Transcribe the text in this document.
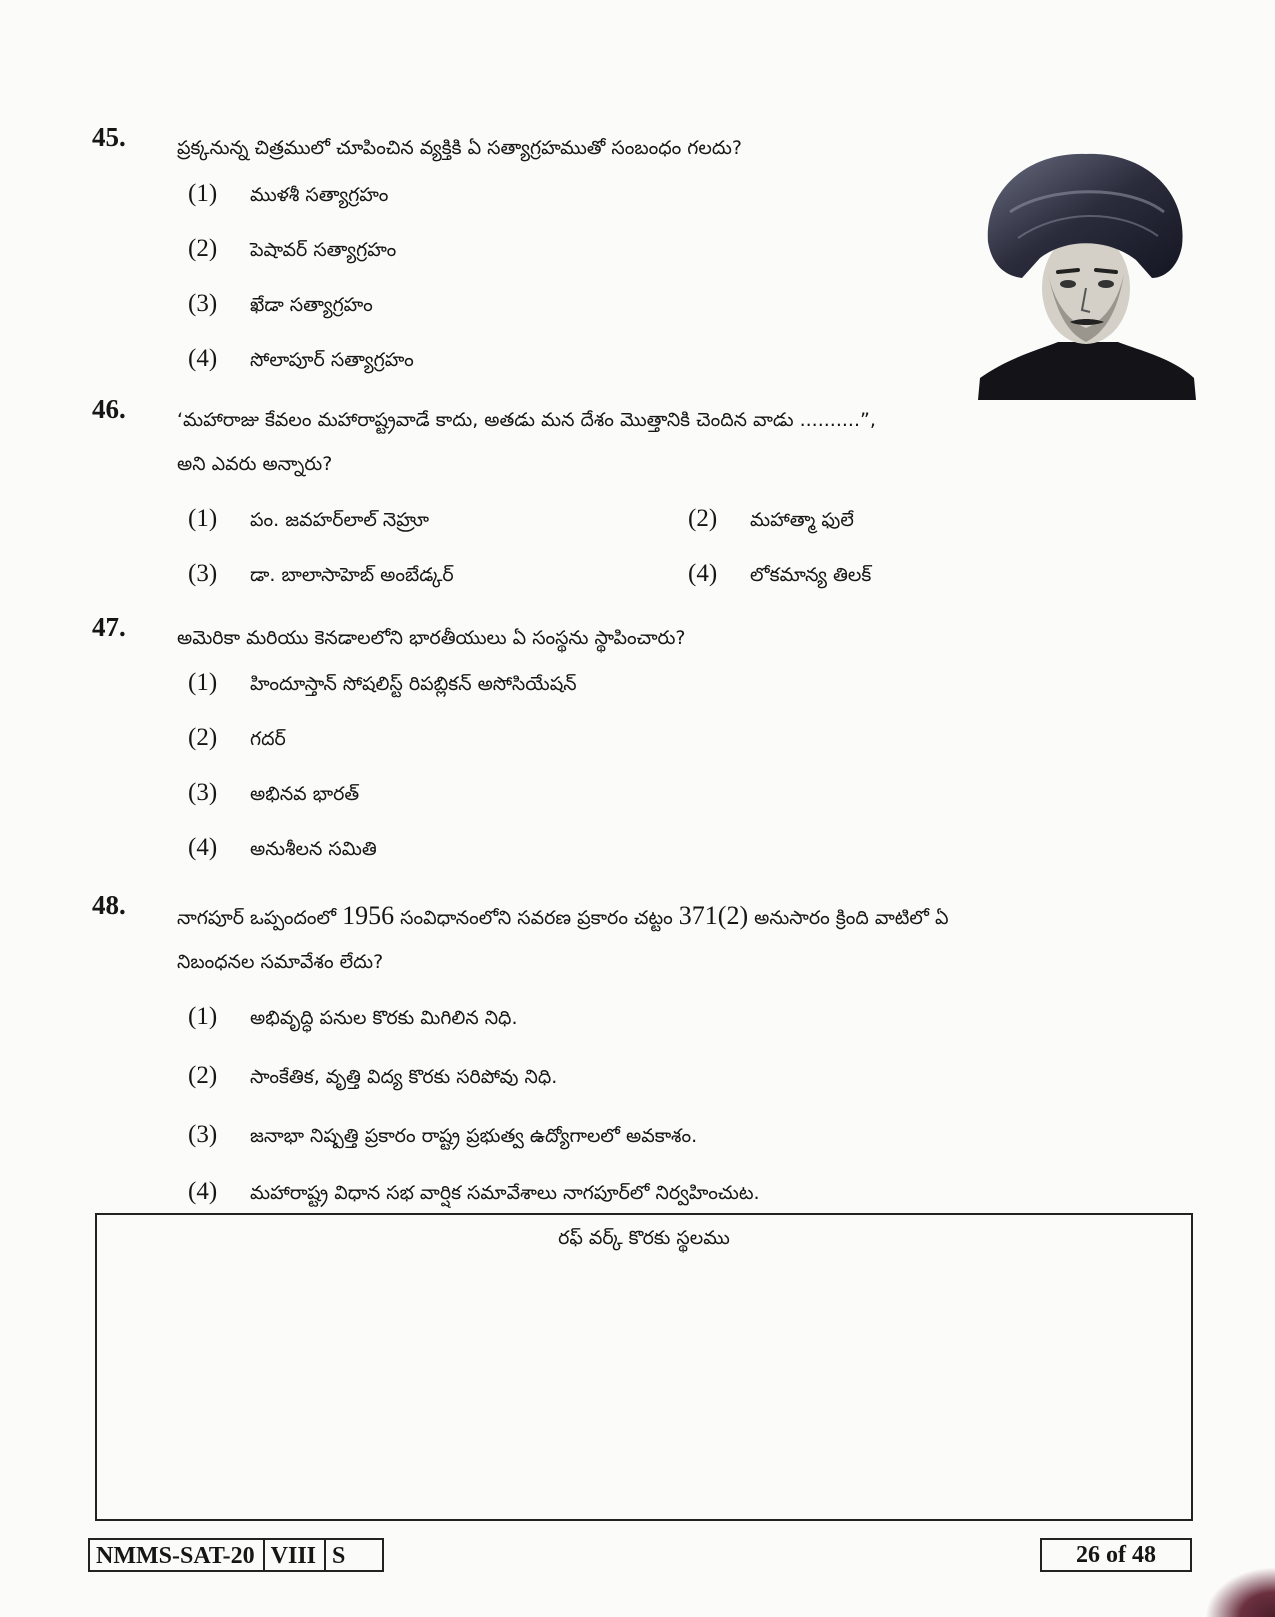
45.	ప్రక్కనున్న చిత్రములో చూపించిన వ్యక్తికి ఏ సత్యాగ్రహముతో సంబంధం గలదు?
(1) ముళశీ సత్యాగ్రహం
(2) పెషావర్ సత్యాగ్రహం
(3) ఖేడా సత్యాగ్రహం
(4) సోలాపూర్ సత్యాగ్రహం
46.	‘మహారాజు కేవలం మహారాష్ట్రవాడే కాదు, అతడు మన దేశం మొత్తానికి చెందిన వాడు ..........”,
అని ఎవరు అన్నారు?
(1) పం. జవహర్‌లాల్ నెహ్రూ	(2) మహాత్మా ఫులే
(3) డా. బాలాసాహెబ్ అంబేడ్కర్	(4) లోకమాన్య తిలక్
47.	అమెరికా మరియు కెనడాలలోని భారతీయులు ఏ సంస్థను స్థాపించారు?
(1) హిందూస్తాన్ సోషలిస్ట్ రిపబ్లికన్ అసోసియేషన్
(2) గదర్
(3) అభినవ భారత్
(4) అనుశీలన సమితి
48.	నాగపూర్ ఒప్పందంలో 1956 సంవిధానంలోని సవరణ ప్రకారం చట్టం 371(2) అనుసారం క్రింది వాటిలో ఏ
నిబంధనల సమావేశం లేదు?
(1) అభివృద్ధి పనుల కొరకు మిగిలిన నిధి.
(2) సాంకేతిక, వృత్తి విద్య కొరకు సరిపోవు నిధి.
(3) జనాభా నిష్పత్తి ప్రకారం రాష్ట్ర ప్రభుత్వ ఉద్యోగాలలో అవకాశం.
(4) మహారాష్ట్ర విధాన సభ వార్షిక సమావేశాలు నాగపూర్‌లో నిర్వహించుట.
రఫ్ వర్క్ కొరకు స్థలము
NMMS-SAT-20 VIII S	26 of 48
